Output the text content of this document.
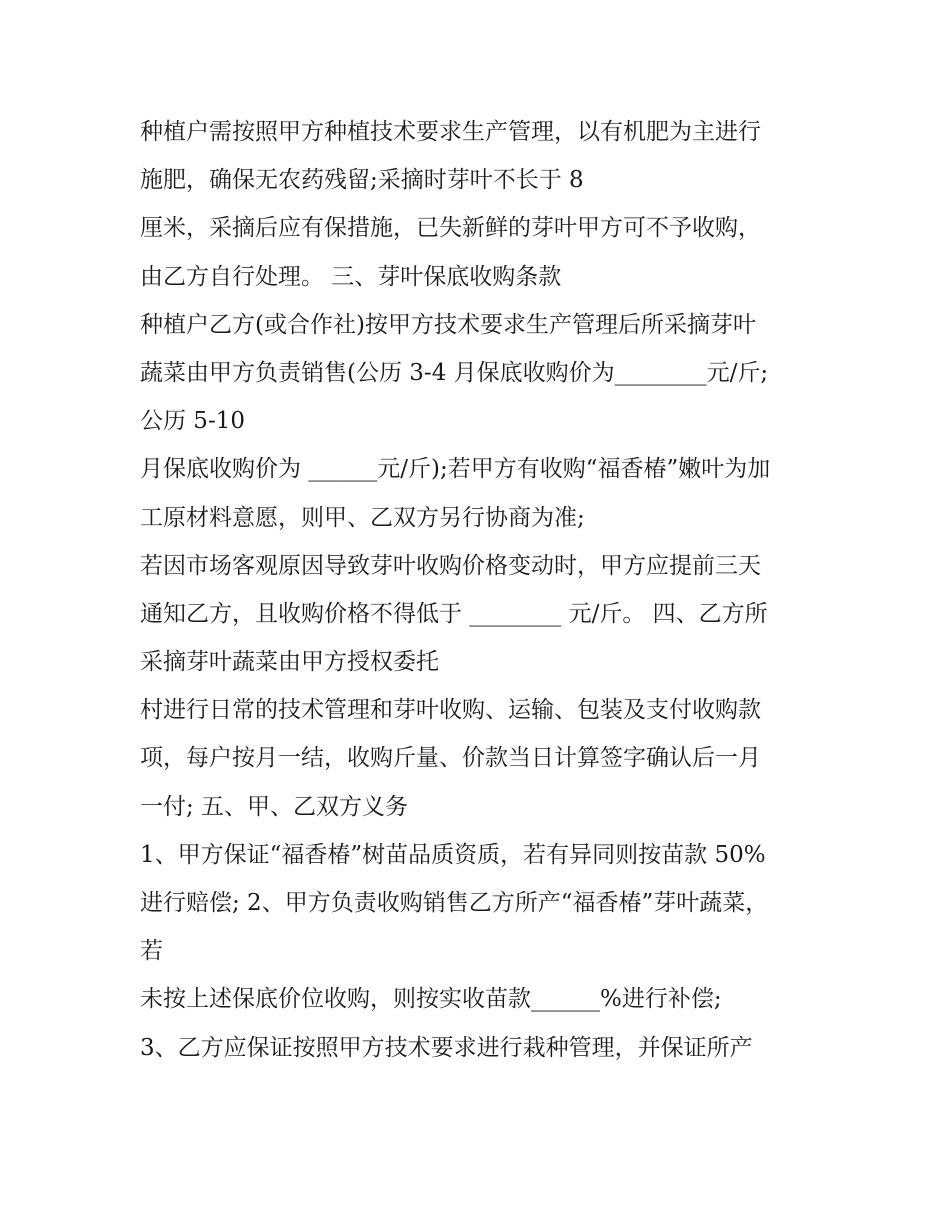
种植户需按照甲方种植技术要求生产管理，以有机肥为主进行
施肥，确保无农药残留;采摘时芽叶不长于 8
厘米，采摘后应有保措施，已失新鲜的芽叶甲方可不予收购，
由乙方自行处理。 三、芽叶保底收购条款
种植户乙方(或合作社)按甲方技术要求生产管理后所采摘芽叶
蔬菜由甲方负责销售(公历 3-4 月保底收购价为________元/斤;
公历 5-10
月保底收购价为 ______元/斤);若甲方有收购“福香椿”嫩叶为加
工原材料意愿，则甲、乙双方另行协商为准;
若因市场客观原因导致芽叶收购价格变动时，甲方应提前三天
通知乙方，且收购价格不得低于 ________ 元/斤。 四、乙方所
采摘芽叶蔬菜由甲方授权委托
村进行日常的技术管理和芽叶收购、运输、包装及支付收购款
项，每户按月一结，收购斤量、价款当日计算签字确认后一月
一付; 五、甲、乙双方义务
1、甲方保证“福香椿”树苗品质资质，若有异同则按苗款 50%
进行赔偿; 2、甲方负责收购销售乙方所产“福香椿”芽叶蔬菜，
若
未按上述保底价位收购，则按实收苗款______%进行补偿;
3、乙方应保证按照甲方技术要求进行栽种管理，并保证所产
